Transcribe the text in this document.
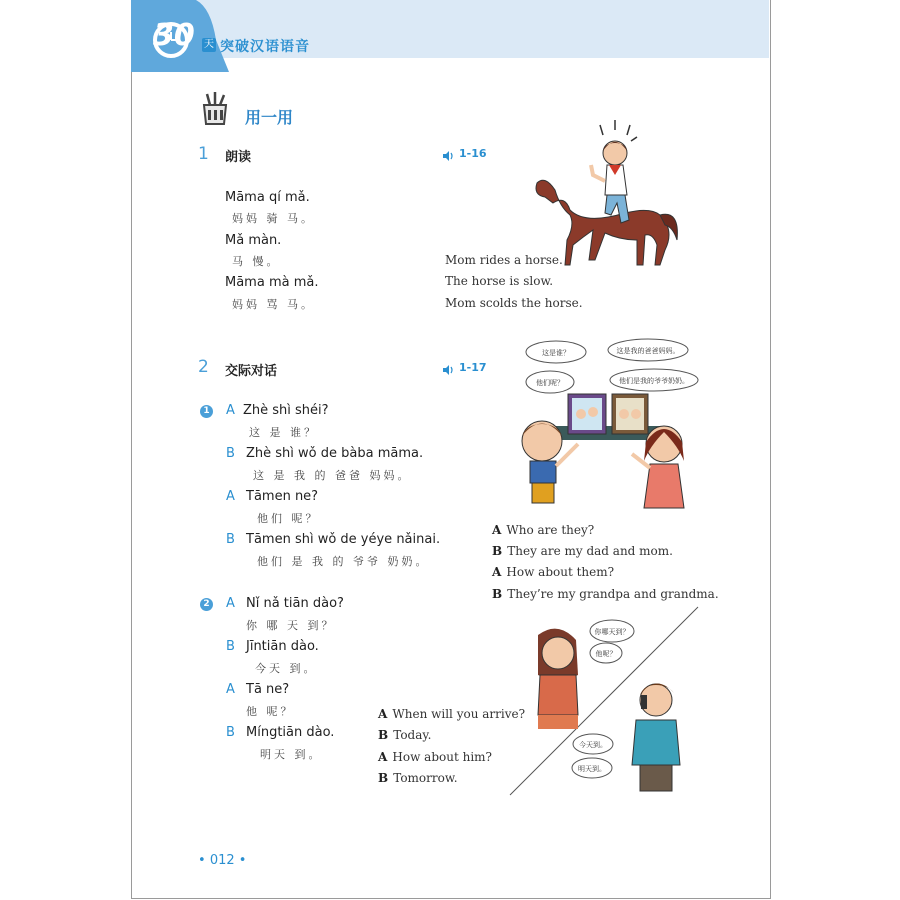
30 天 突破汉语语音
用一用
1 朗读	1-16
Māma qí mǎ.
妈妈 骑 马。
Mǎ màn.
马 慢。
Māma mà mǎ.
妈妈 骂 马。
Mom rides a horse.
The horse is slow.
Mom scolds the horse.
2 交际对话	1-17
1 A Zhè shì shéi?
这 是 谁？
B Zhè shì wǒ de bàba māma.
这 是 我 的 爸爸 妈妈。
A Tāmen ne?
他们 呢？
B Tāmen shì wǒ de yéye nǎinai.
他们 是 我 的 爷爷 奶奶。
A Who are they?
B They are my dad and mom.
A How about them?
B They’re my grandpa and grandma.
这是谁？
他们呢？
这是我的爸爸妈妈。
他们是我的爷爷奶奶。
2 A Nǐ nǎ tiān dào?
你 哪 天 到？
B Jīntiān dào.
今天 到。
A Tā ne?
他 呢？
B Míngtiān dào.
明天 到。
A When will you arrive?
B Today.
A How about him?
B Tomorrow.
你哪天到？
他呢？
今天到。
明天到。
• 012 •
